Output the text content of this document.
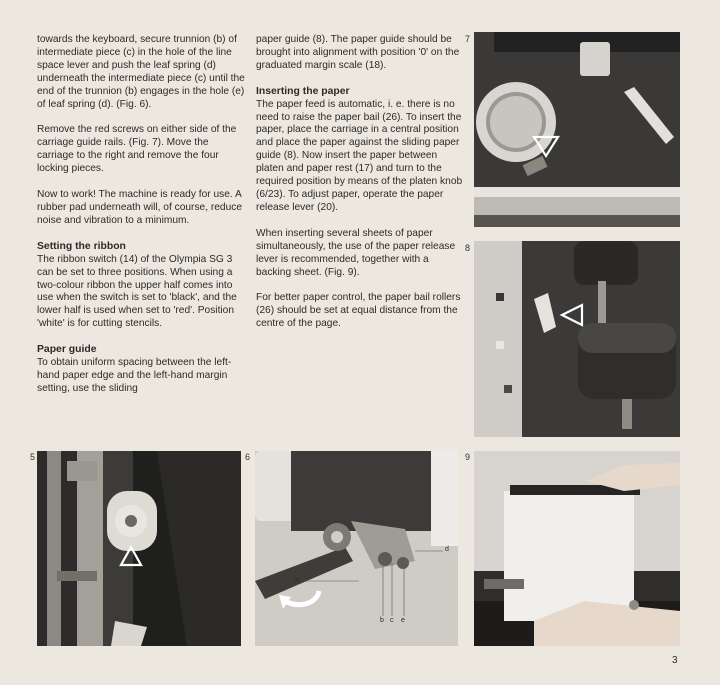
towards the keyboard, secure trunnion (b) of intermediate piece (c) in the hole of the line space lever and push the leaf spring (d) underneath the intermediate piece (c) until the end of the trunnion (b) engages in the hole (e) of leaf spring (d). (Fig. 6).

Remove the red screws on either side of the carriage guide rails. (Fig. 7). Move the carriage to the right and remove the four locking pieces.

Now to work! The machine is ready for use. A rubber pad underneath will, of course, reduce noise and vibration to a minimum.

Setting the ribbon

The ribbon switch (14) of the Olympia SG 3 can be set to three positions. When using a two-colour ribbon the upper half comes into use when the switch is set to 'black', and the lower half is used when set to 'red'. Position 'white' is for cutting stencils.

Paper guide

To obtain uniform spacing between the left-hand paper edge and the left-hand margin setting, use the sliding

paper guide (8). The paper guide should be brought into alignment with position '0' on the graduated margin scale (18).

Inserting the paper

The paper feed is automatic, i. e. there is no need to raise the paper bail (26). To insert the paper, place the carriage in a central position and place the paper against the sliding paper guide (8). Now insert the paper between platen and paper rest (17) and turn to the required position by means of the platen knob (6/23). To adjust paper, operate the paper release lever (20).

When inserting several sheets of paper simultaneously, the use of the paper release lever is recommended, together with a backing sheet. (Fig. 9).

For better paper control, the paper bail rollers (26) should be set at equal distance from the centre of the page.

7
8
5	6
a
b c e
d
9
3
